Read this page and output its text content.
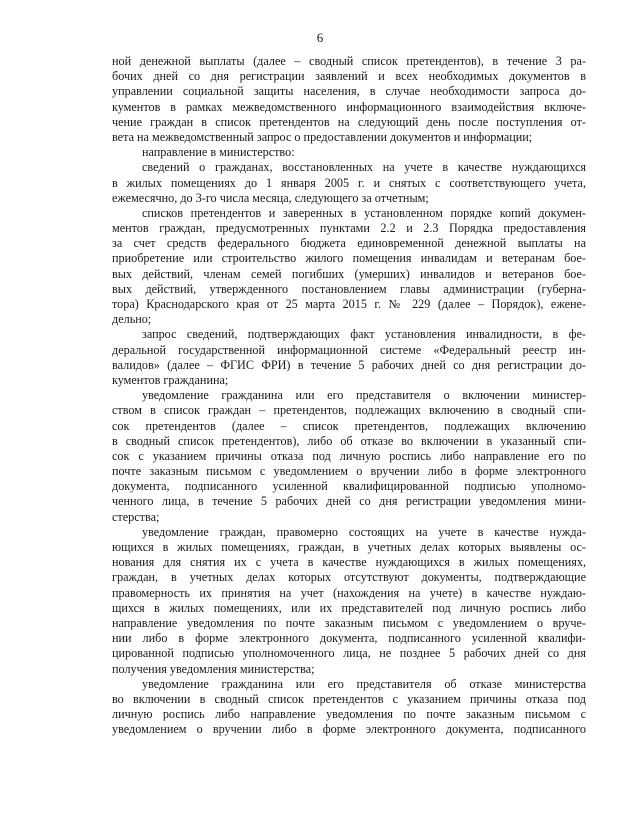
6
ной денежной выплаты (далее – сводный список претендентов), в течение 3 ра-
бочих дней со дня регистрации заявлений и всех необходимых документов в
управлении социальной защиты населения, в случае необходимости запроса до-
кументов в рамках межведомственного информационного взаимодействия включе-
чение граждан в список претендентов на следующий день после поступления от-
вета на межведомственный запрос о предоставлении документов и информации;
направление в министерство:
сведений о гражданах, восстановленных на учете в качестве нуждающихся
в жилых помещениях до 1 января 2005 г. и снятых с соответствующего учета,
ежемесячно, до 3-го числа месяца, следующего за отчетным;
списков претендентов и заверенных в установленном порядке копий докумен-
ментов граждан, предусмотренных пунктами 2.2 и 2.3 Порядка предоставления
за счет средств федерального бюджета единовременной денежной выплаты на
приобретение или строительство жилого помещения инвалидам и ветеранам бое-
вых действий, членам семей погибших (умерших) инвалидов и ветеранов бое-
вых действий, утвержденного постановлением главы администрации (губерна-
тора) Краснодарского края от 25 марта 2015 г. № 229 (далее – Порядок), ежене-
дельно;
запрос сведений, подтверждающих факт установления инвалидности, в фе-
деральной государственной информационной системе «Федеральный реестр ин-
валидов» (далее – ФГИС ФРИ) в течение 5 рабочих дней со дня регистрации до-
кументов гражданина;
уведомление гражданина или его представителя о включении министер-
ством в список граждан – претендентов, подлежащих включению в сводный спи-
сок претендентов (далее – список претендентов, подлежащих включению
в сводный список претендентов), либо об отказе во включении в указанный спи-
сок с указанием причины отказа под личную роспись либо направление его по
почте заказным письмом с уведомлением о вручении либо в форме электронного
документа, подписанного усиленной квалифицированной подписью уполномо-
ченного лица, в течение 5 рабочих дней со дня регистрации уведомления мини-
стерства;
уведомление граждан, правомерно состоящих на учете в качестве нужда-
ющихся в жилых помещениях, граждан, в учетных делах которых выявлены ос-
нования для снятия их с учета в качестве нуждающихся в жилых помещениях,
граждан, в учетных делах которых отсутствуют документы, подтверждающие
правомерность их принятия на учет (нахождения на учете) в качестве нуждаю-
щихся в жилых помещениях, или их представителей под личную роспись либо
направление уведомления по почте заказным письмом с уведомлением о вруче-
нии либо в форме электронного документа, подписанного усиленной квалифи-
цированной подписью уполномоченного лица, не позднее 5 рабочих дней со дня
получения уведомления министерства;
уведомление гражданина или его представителя об отказе министерства
во включении в сводный список претендентов с указанием причины отказа под
личную роспись либо направление уведомления по почте заказным письмом с
уведомлением о вручении либо в форме электронного документа, подписанного
